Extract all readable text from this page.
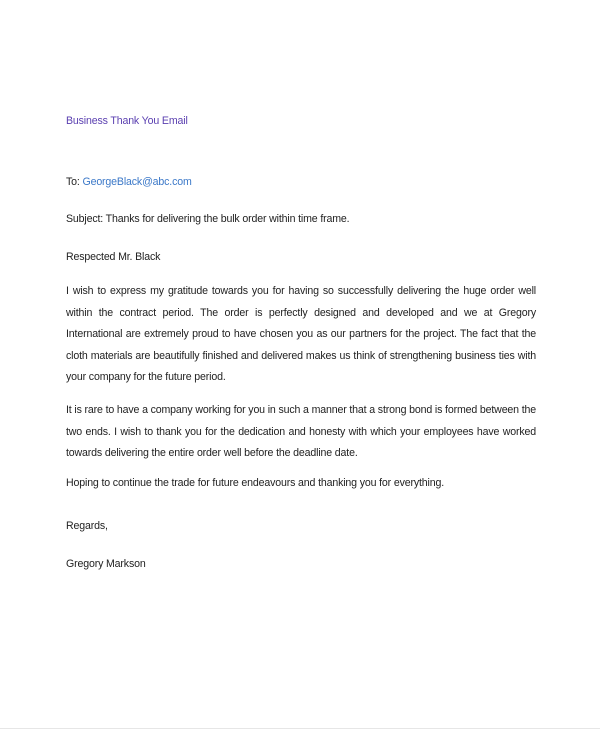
Business Thank You Email
To: GeorgeBlack@abc.com
Subject: Thanks for delivering the bulk order within time frame.
Respected Mr. Black

I wish to express my gratitude towards you for having so successfully delivering the huge order well within the contract period. The order is perfectly designed and developed and we at Gregory International are extremely proud to have chosen you as our partners for the project. The fact that the cloth materials are beautifully finished and delivered makes us think of strengthening business ties with your company for the future period.

It is rare to have a company working for you in such a manner that a strong bond is formed between the two ends. I wish to thank you for the dedication and honesty with which your employees have worked towards delivering the entire order well before the deadline date.

Hoping to continue the trade for future endeavours and thanking you for everything.

Regards,
Gregory Markson
